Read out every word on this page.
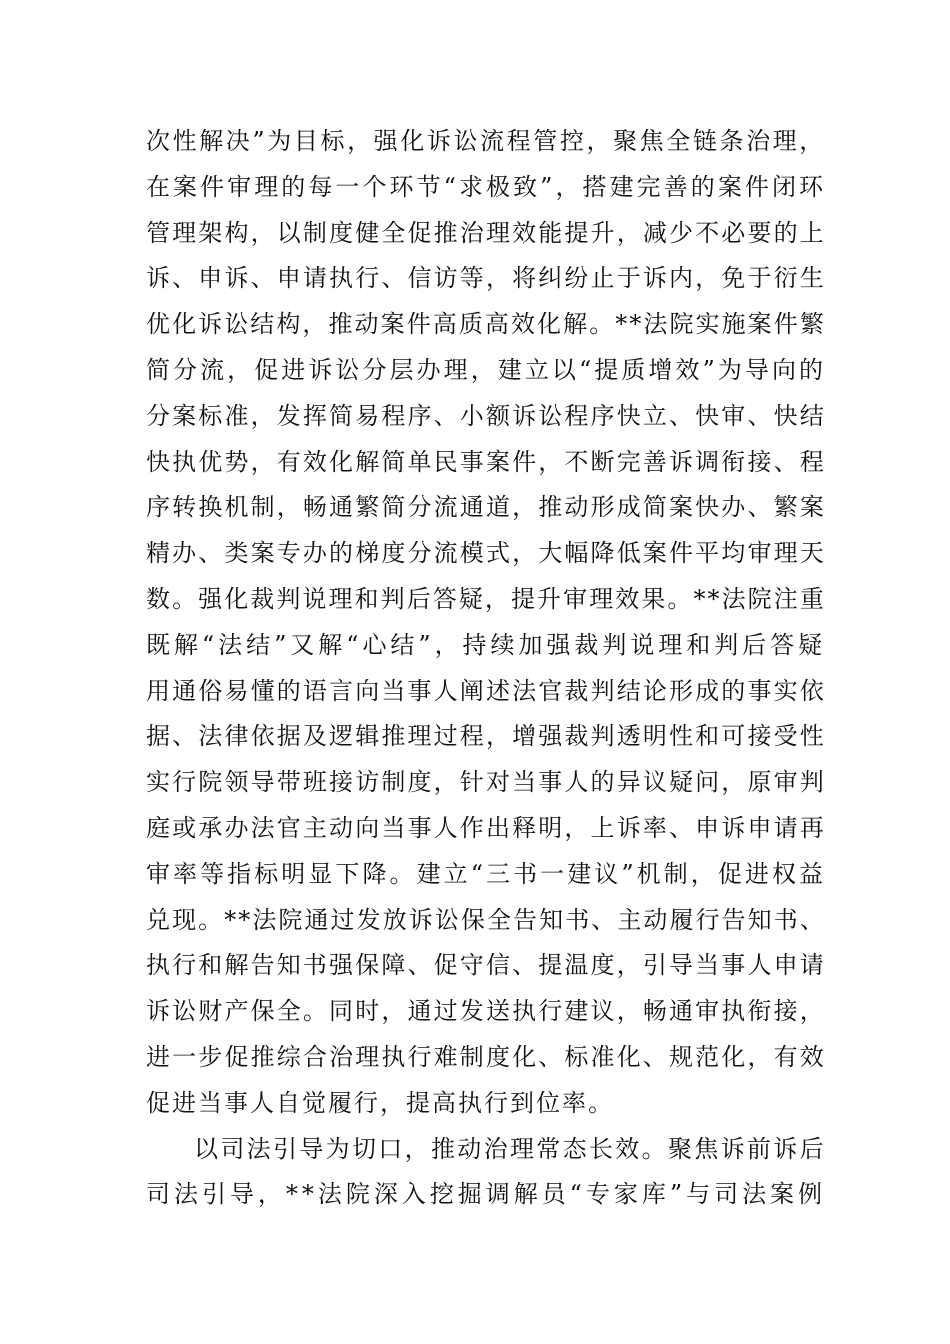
次性解决”为目标，强化诉讼流程管控，聚焦全链条治理，
在案件审理的每一个环节“求极致”，搭建完善的案件闭环
管理架构，以制度健全促推治理效能提升，减少不必要的上
诉、申诉、申请执行、信访等，将纠纷止于诉内，免于衍生
优化诉讼结构，推动案件高质高效化解。**法院实施案件繁
简分流，促进诉讼分层办理，建立以“提质增效”为导向的
分案标准，发挥简易程序、小额诉讼程序快立、快审、快结
快执优势，有效化解简单民事案件，不断完善诉调衔接、程
序转换机制，畅通繁简分流通道，推动形成简案快办、繁案
精办、类案专办的梯度分流模式，大幅降低案件平均审理天
数。强化裁判说理和判后答疑，提升审理效果。**法院注重
既解“法结”又解“心结”，持续加强裁判说理和判后答疑
用通俗易懂的语言向当事人阐述法官裁判结论形成的事实依
据、法律依据及逻辑推理过程，增强裁判透明性和可接受性
实行院领导带班接访制度，针对当事人的异议疑问，原审判
庭或承办法官主动向当事人作出释明，上诉率、申诉申请再
审率等指标明显下降。建立“三书一建议”机制，促进权益
兑现。**法院通过发放诉讼保全告知书、主动履行告知书、
执行和解告知书强保障、促守信、提温度，引导当事人申请
诉讼财产保全。同时，通过发送执行建议，畅通审执衔接，
进一步促推综合治理执行难制度化、标准化、规范化，有效
促进当事人自觉履行，提高执行到位率。
以司法引导为切口，推动治理常态长效。聚焦诉前诉后
司法引导，**法院深入挖掘调解员“专家库”与司法案例
